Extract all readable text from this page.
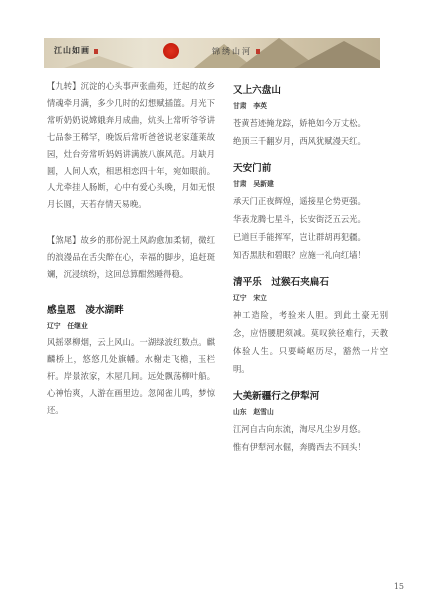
江山如画	锦绣山河

【九转】沉淀的心头事声张曲苑，迁起的故乡情魂牵月满，多少几时的幻想赋插篮。月光下常听奶奶说嫦娥奔月成曲，炕头上常听爷爷讲七品参王稀罕，晚饭后常听爸爸说老家蓬莱故园，灶台旁常听妈妈讲满族八旗风范。月缺月圆，人间人欢，相思相恋四十年，宛如眼前。人尤牵挂人肠断，心中有爱心头晚，月如无恨月长圆，天若存情天易晚。

【煞尾】故乡的那份泥土风韵愈加柔韧，微红的浪漫品在舌尖醉在心，幸福的脚步，追赶斑斓，沉浸缤纷，这回总算酣然睡得稳。

感皇恩　凌水湖畔

辽宁　任继业

风摇翠柳烟，云上风山。一湖绿波红数点。麒麟桥上，悠悠几处旗幡。水榭走飞檐，玉栏杆。岸景浓家，木屋几间。远处飘荡柳叶船。心神怡爽，人游在画里边。忽闻雀儿鸣，梦惊还。

又上六盘山

甘肃　李英

苍黄苔迹掩龙踪，娇艳如今万丈松。

绝顶三千翻岁月，西风犹赋漫天红。

天安门前

甘肃　吴新建

承天门正夜辉煌，遥接星仑势更强。

华表龙腾七星斗，长安街泛五云光。

已道巨手能挥军，岂让群胡再犯疆。

知否黑肤和碧眼？应施一礼向红墙！

清平乐　过猴石夹扁石

辽宁　宋立

神工造险，考验来人胆。到此土豪无别念，应悟腰肥须减。莫叹狭径难行，天教体验人生。只要崎岖历尽，豁然一片空明。

大美新疆行之伊犁河

山东　赵雪山

江河自古向东流，淘尽凡尘岁月悠。

惟有伊犁河水倔，奔腾西去不回头！

15
